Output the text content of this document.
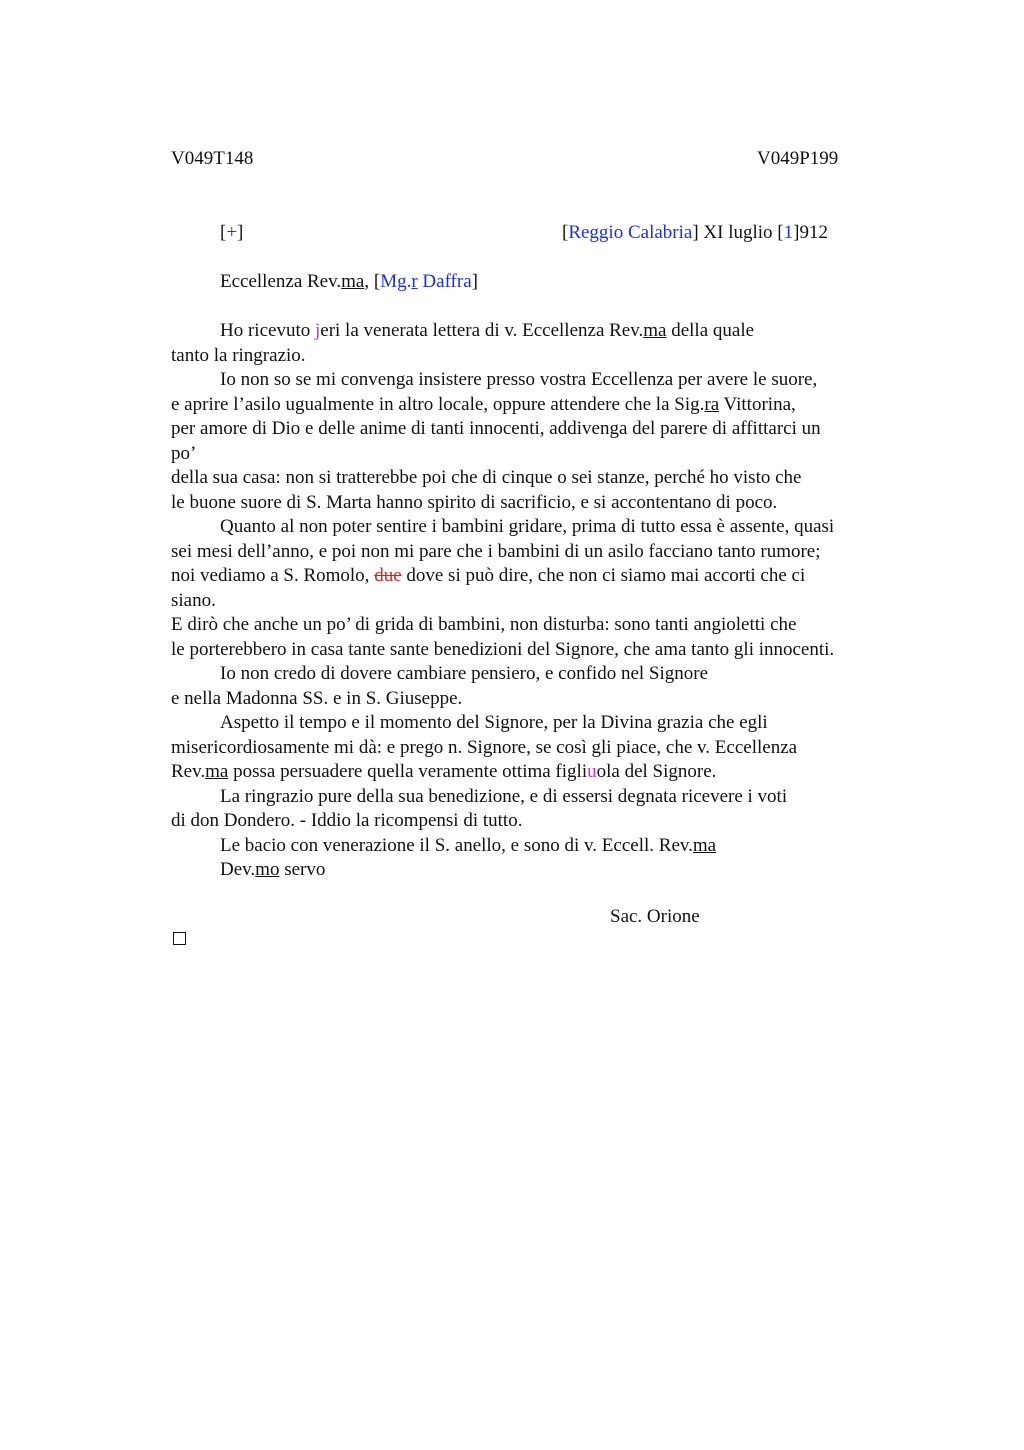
V049T148	V049P199
[+]	[Reggio Calabria] XI luglio [1]912
Eccellenza Rev.ma, [Mg.r Daffra]

Ho ricevuto jeri la venerata lettera di v. Eccellenza Rev.ma della quale

tanto la ringrazio.

Io non so se mi convenga insistere presso vostra Eccellenza per avere le suore,

e aprire l’asilo ugualmente in altro locale, oppure attendere che la Sig.ra Vittorina,

per amore di Dio e delle anime di tanti innocenti, addivenga del parere di affittarci un

po’

della sua casa: non si tratterebbe poi che di cinque o sei stanze, perché ho visto che

le buone suore di S. Marta hanno spirito di sacrificio, e si accontentano di poco.

Quanto al non poter sentire i bambini gridare, prima di tutto essa è assente, quasi

sei mesi dell’anno, e poi non mi pare che i bambini di un asilo facciano tanto rumore;

noi vediamo a S. Romolo, due dove si può dire, che non ci siamo mai accorti che ci

siano.

E dirò che anche un po’ di grida di bambini, non disturba: sono tanti angioletti che

le porterebbero in casa tante sante benedizioni del Signore, che ama tanto gli innocenti.

Io non credo di dovere cambiare pensiero, e confido nel Signore

e nella Madonna SS. e in S. Giuseppe.

Aspetto il tempo e il momento del Signore, per la Divina grazia che egli

misericordiosamente mi dà: e prego n. Signore, se così gli piace, che v. Eccellenza

Rev.ma possa persuadere quella veramente ottima figliuola del Signore.

La ringrazio pure della sua benedizione, e di essersi degnata ricevere i voti

di don Dondero. - Iddio la ricompensi di tutto.

Le bacio con venerazione il S. anello, e sono di v. Eccell. Rev.ma

Dev.mo servo

Sac. Orione
